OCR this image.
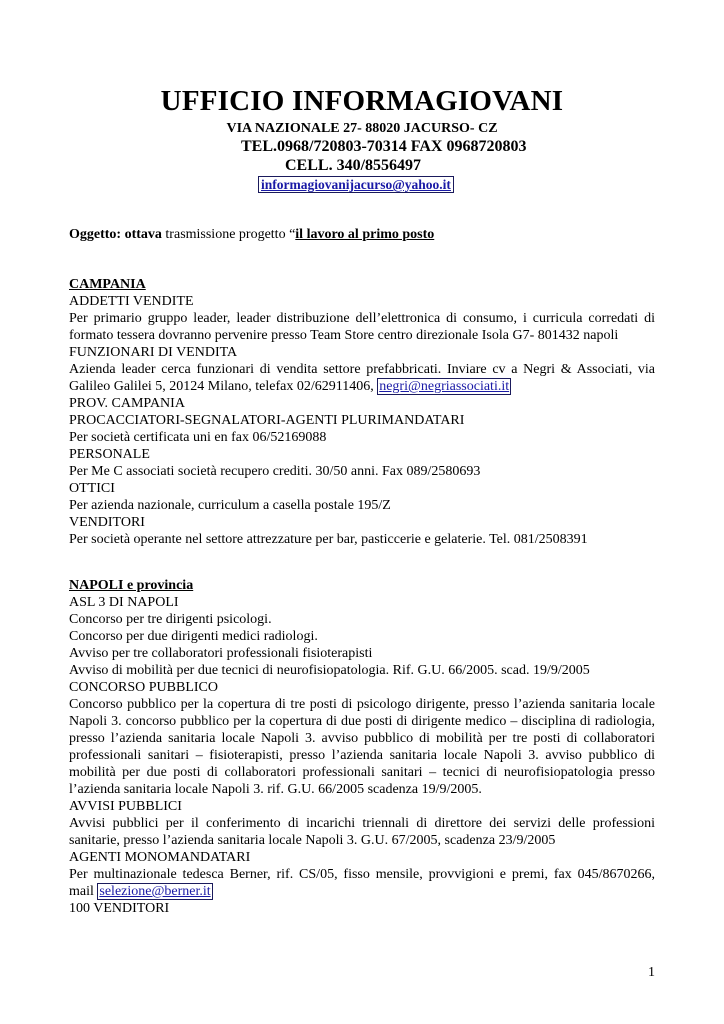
UFFICIO INFORMAGIOVANI
VIA NAZIONALE 27- 88020 JACURSO- CZ
TEL.0968/720803-70314 FAX 0968720803
CELL. 340/8556497
informagiovanijacurso@yahoo.it
Oggetto: ottava trasmissione progetto “il lavoro al primo posto
CAMPANIA
ADDETTI VENDITE
Per primario gruppo leader, leader distribuzione dell’elettronica di consumo, i curricula corredati di formato tessera dovranno pervenire presso Team Store centro direzionale Isola G7- 801432 napoli
FUNZIONARI DI VENDITA
Azienda leader cerca funzionari di vendita settore prefabbricati. Inviare cv a Negri & Associati, via Galileo Galilei 5, 20124 Milano, telefax 02/62911406, negri@negriassociati.it
PROV. CAMPANIA
PROCACCIATORI-SEGNALATORI-AGENTI PLURIMANDATARI
Per società certificata uni en fax 06/52169088
PERSONALE
Per Me C associati società recupero crediti. 30/50 anni. Fax 089/2580693
OTTICI
Per azienda nazionale, curriculum a casella postale 195/Z
VENDITORI
Per società operante nel settore attrezzature per bar, pasticcerie e gelaterie. Tel. 081/2508391
NAPOLI e provincia
ASL 3 DI NAPOLI
Concorso per tre dirigenti psicologi.
Concorso per due dirigenti medici radiologi.
Avviso per tre collaboratori professionali fisioterapisti
Avviso di mobilità per due tecnici di neurofisiopatologia. Rif. G.U. 66/2005. scad. 19/9/2005
CONCORSO PUBBLICO
Concorso pubblico per la copertura di tre posti di psicologo dirigente, presso l’azienda sanitaria locale Napoli 3. concorso pubblico per la copertura di due posti di dirigente medico – disciplina di radiologia, presso l’azienda sanitaria locale Napoli 3. avviso pubblico di mobilità per tre posti di collaboratori professionali sanitari – fisioterapisti, presso l’azienda sanitaria locale Napoli 3. avviso pubblico di mobilità per due posti di collaboratori professionali sanitari – tecnici di neurofisiopatologia presso l’azienda sanitaria locale Napoli 3. rif. G.U. 66/2005 scadenza 19/9/2005.
AVVISI PUBBLICI
Avvisi pubblici per il conferimento di incarichi triennali di direttore dei servizi delle professioni sanitarie, presso l’azienda sanitaria locale Napoli 3. G.U. 67/2005, scadenza 23/9/2005
AGENTI MONOMANDATARI
Per multinazionale tedesca Berner, rif. CS/05, fisso mensile, provvigioni e premi, fax 045/8670266, mail selezione@berner.it
100 VENDITORI
1
